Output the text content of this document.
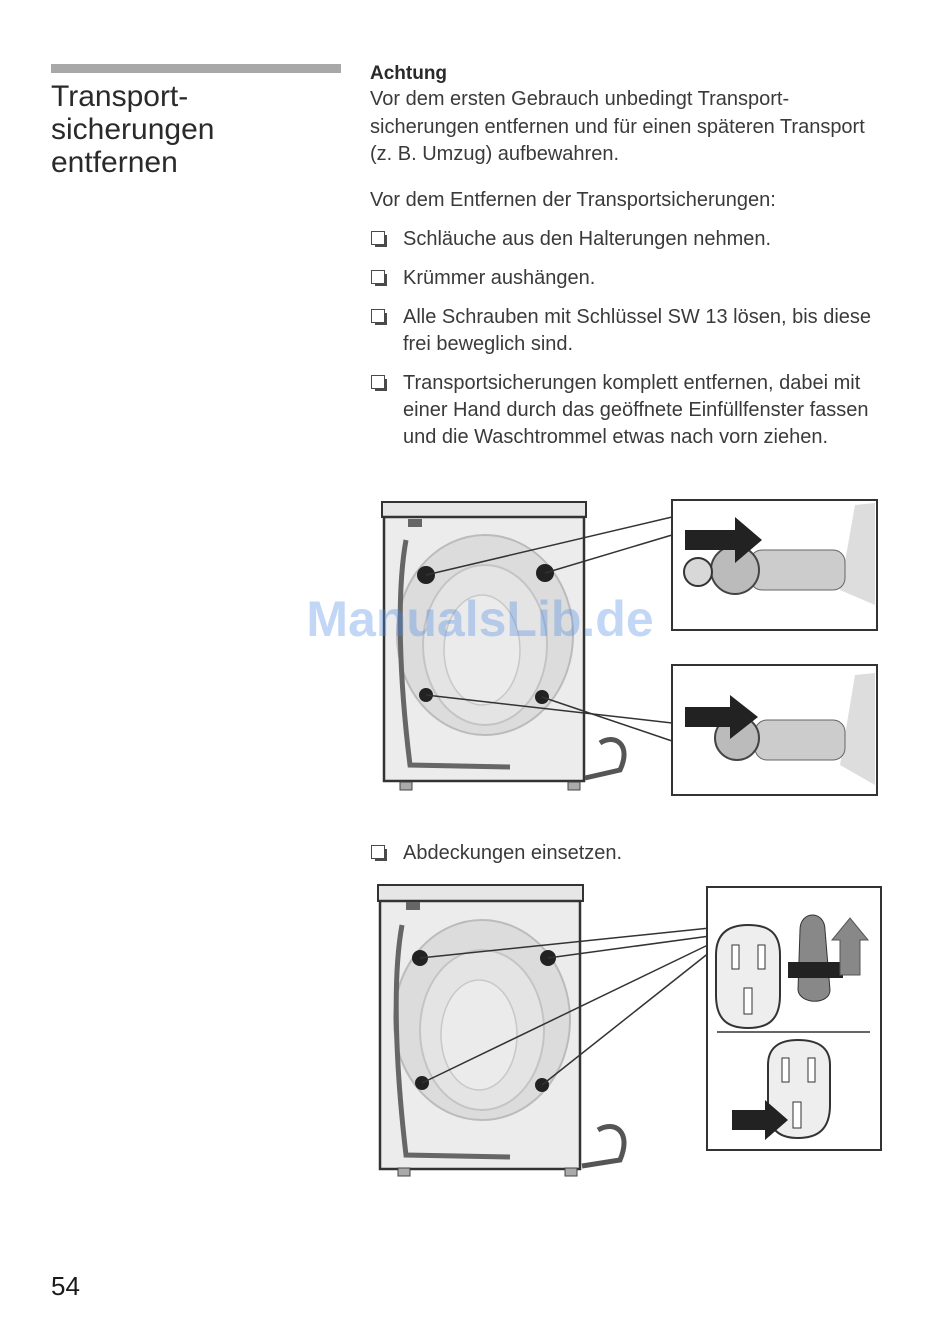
Transport-
sicherungen
entfernen
Achtung
Vor dem ersten Gebrauch unbedingt Transport-sicherungen entfernen und für einen späteren Transport (z. B. Umzug) aufbewahren.
Vor dem Entfernen der Transportsicherungen:
Schläuche aus den Halterungen nehmen.
Krümmer aushängen.
Alle Schrauben mit Schlüssel SW 13 lösen, bis diese frei beweglich sind.
Transportsicherungen komplett entfernen, dabei mit einer Hand durch das geöffnete Einfüllfenster fassen und die Waschtrommel etwas nach vorn ziehen.
ManualsLib.de
Abdeckungen einsetzen.
54
